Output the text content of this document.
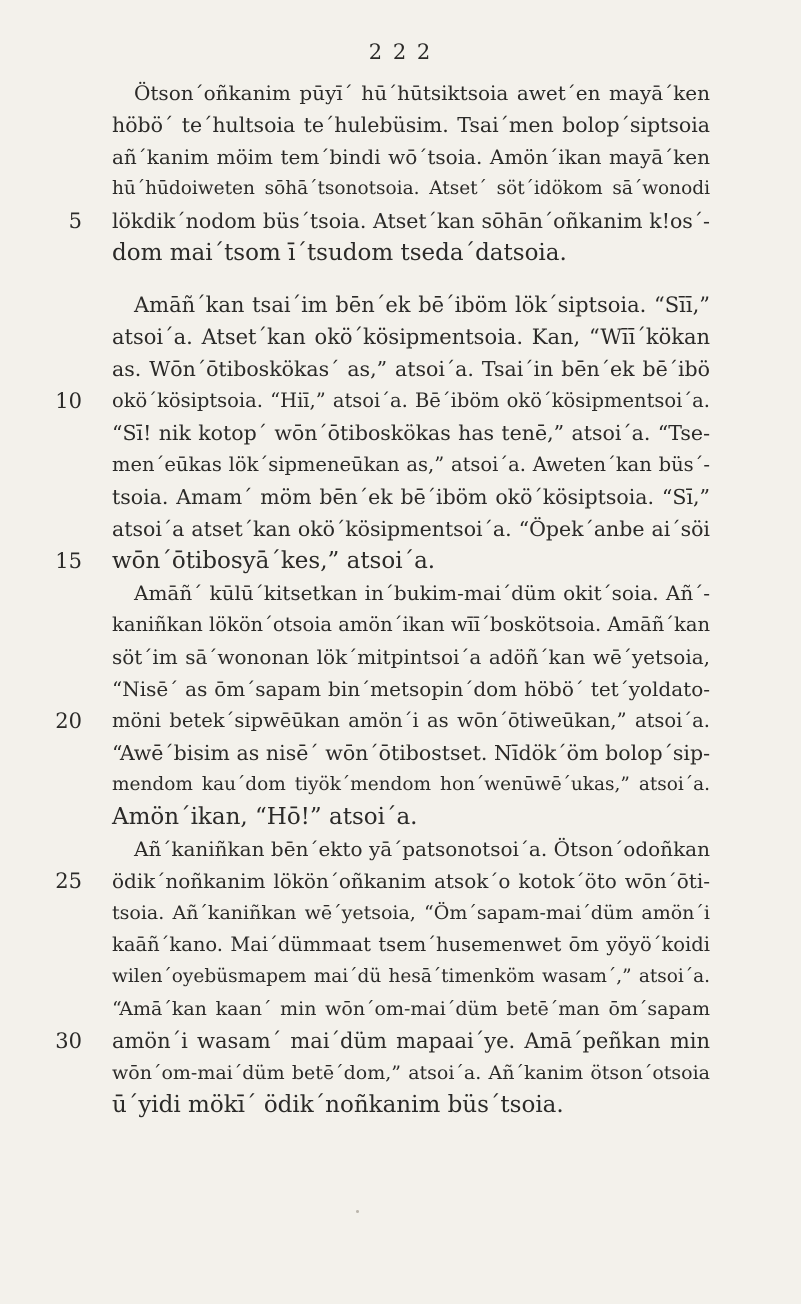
2 2 2
Ötson´oñkanim pūyī´ hū´hūtsiktsoia awet´en mayā´ken
höbö´ te´hultsoia te´hulebüsim. Tsai´men bolop´siptsoia
añ´kanim möim tem´bindi wō´tsoia. Amön´ikan mayā´ken
hū´hūdoiweten sōhā´tsonotsoia. Atset´ söt´idökom sā´wonodi
5 lökdik´nodom büs´tsoia. Atset´kan sōhān´oñkanim k!os´-
dom mai´tsom ī´tsudom tseda´datsoia.
Amāñ´kan tsai´im bēn´ek bē´iböm lök´siptsoia. “Sīī,”
atsoi´a. Atset´kan okö´kösipmentsoia. Kan, “Wīī´kökan
as. Wōn´ōtiboskökas´ as,” atsoi´a. Tsai´in bēn´ek bē´ibö
10 okö´kösiptsoia. “Hiī,” atsoi´a. Bē´iböm okö´kösipmentsoi´a.
“Sī! nik kotop´ wōn´ōtiboskökas has tenē,” atsoi´a. “Tse-
men´eūkas lök´sipmeneūkan as,” atsoi´a. Aweten´kan büs´-
tsoia. Amam´ möm bēn´ek bē´iböm okö´kösiptsoia. “Sī,”
atsoi´a atset´kan okö´kösipmentsoi´a. “Öpek´anbe ai´söi
15 wōn´ōtibosyā´kes,” atsoi´a.
Amāñ´ kūlū´kitsetkan in´bukim-mai´düm okit´soia. Añ´-
kaniñkan lökön´otsoia amön´ikan wīī´boskötsoia. Amāñ´kan
söt´im sā´wononan lök´mitpintsoi´a adöñ´kan wē´yetsoia,
“Nisē´ as ōm´sapam bin´metsopin´dom höbö´ tet´yoldato-
20 möni betek´sipwēūkan amön´i as wōn´ōtiweūkan,” atsoi´a.
“Awē´bisim as nisē´ wōn´ōtibostset. Nīdök´öm bolop´sip-
mendom kau´dom tiyök´mendom hon´wenūwē´ukas,” atsoi´a.
Amön´ikan, “Hō!” atsoi´a.
Añ´kaniñkan bēn´ekto yā´patsonotsoi´a. Ötson´odoñkan
25 ödik´noñkanim lökön´oñkanim atsok´o kotok´öto wōn´ōti-
tsoia. Añ´kaniñkan wē´yetsoia, “Öm´sapam-mai´düm amön´i
kaāñ´kano. Mai´dümmaat tsem´husemenwet ōm yöyö´koidi
wilen´oyebüsmapem mai´dü hesā´timenköm wasam´,” atsoi´a.
“Amā´kan kaan´ min wōn´om-mai´düm betē´man ōm´sapam
30 amön´i wasam´ mai´düm mapaai´ye. Amā´peñkan min
wōn´om-mai´düm betē´dom,” atsoi´a. Añ´kanim ötson´otsoia
ū´yidi mökī´ ödik´noñkanim büs´tsoia.
